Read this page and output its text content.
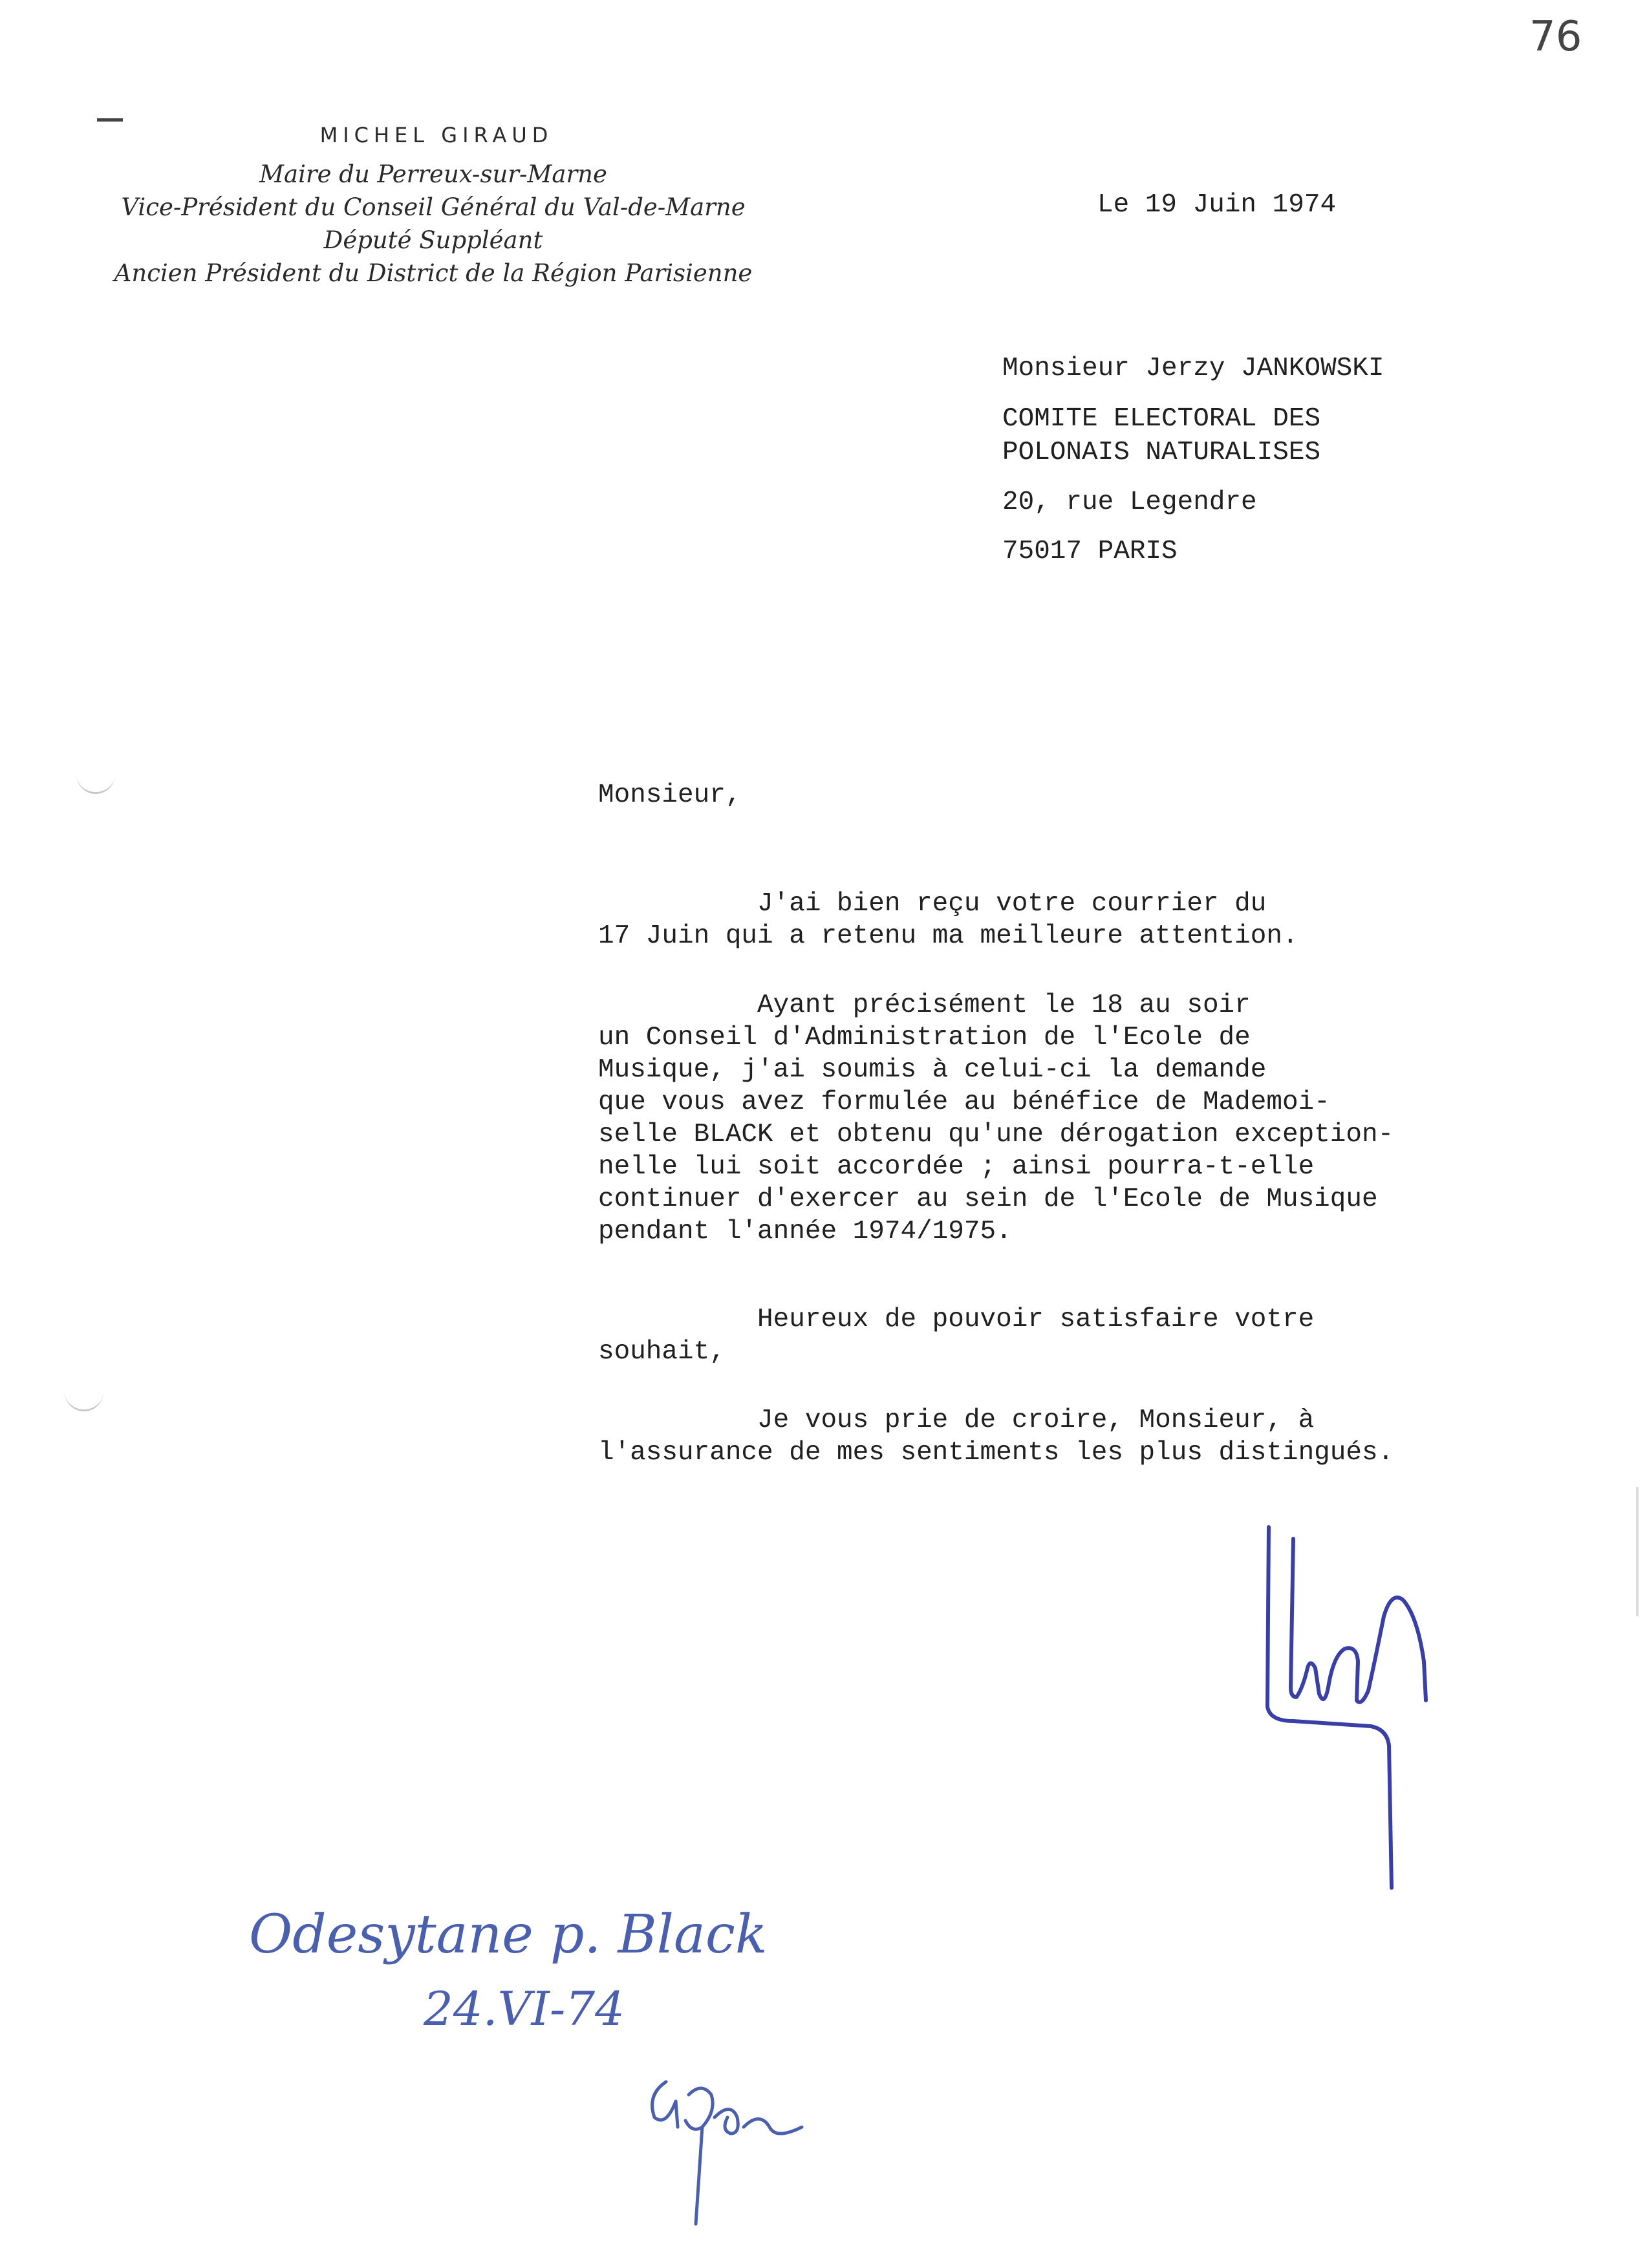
76
MICHEL GIRAUD
Maire du Perreux-sur-Marne
Vice-Président du Conseil Général du Val-de-Marne
Député Suppléant
Ancien Président du District de la Région Parisienne
Le 19 Juin 1974
Monsieur Jerzy JANKOWSKI
COMITE ELECTORAL DES
POLONAIS NATURALISES
20, rue Legendre
75017 PARIS
Monsieur,
J'ai bien reçu votre courrier du
17 Juin qui a retenu ma meilleure attention.
Ayant précisément le 18 au soir
un Conseil d'Administration de l'Ecole de
Musique, j'ai soumis à celui-ci la demande
que vous avez formulée au bénéfice de Mademoi-
selle BLACK et obtenu qu'une dérogation exception-
nelle lui soit accordée ; ainsi pourra-t-elle
continuer d'exercer au sein de l'Ecole de Musique
pendant l'année 1974/1975.
Heureux de pouvoir satisfaire votre
souhait,
Je vous prie de croire, Monsieur, à
l'assurance de mes sentiments les plus distingués.
Odesytane p. Black
24.VI-74
